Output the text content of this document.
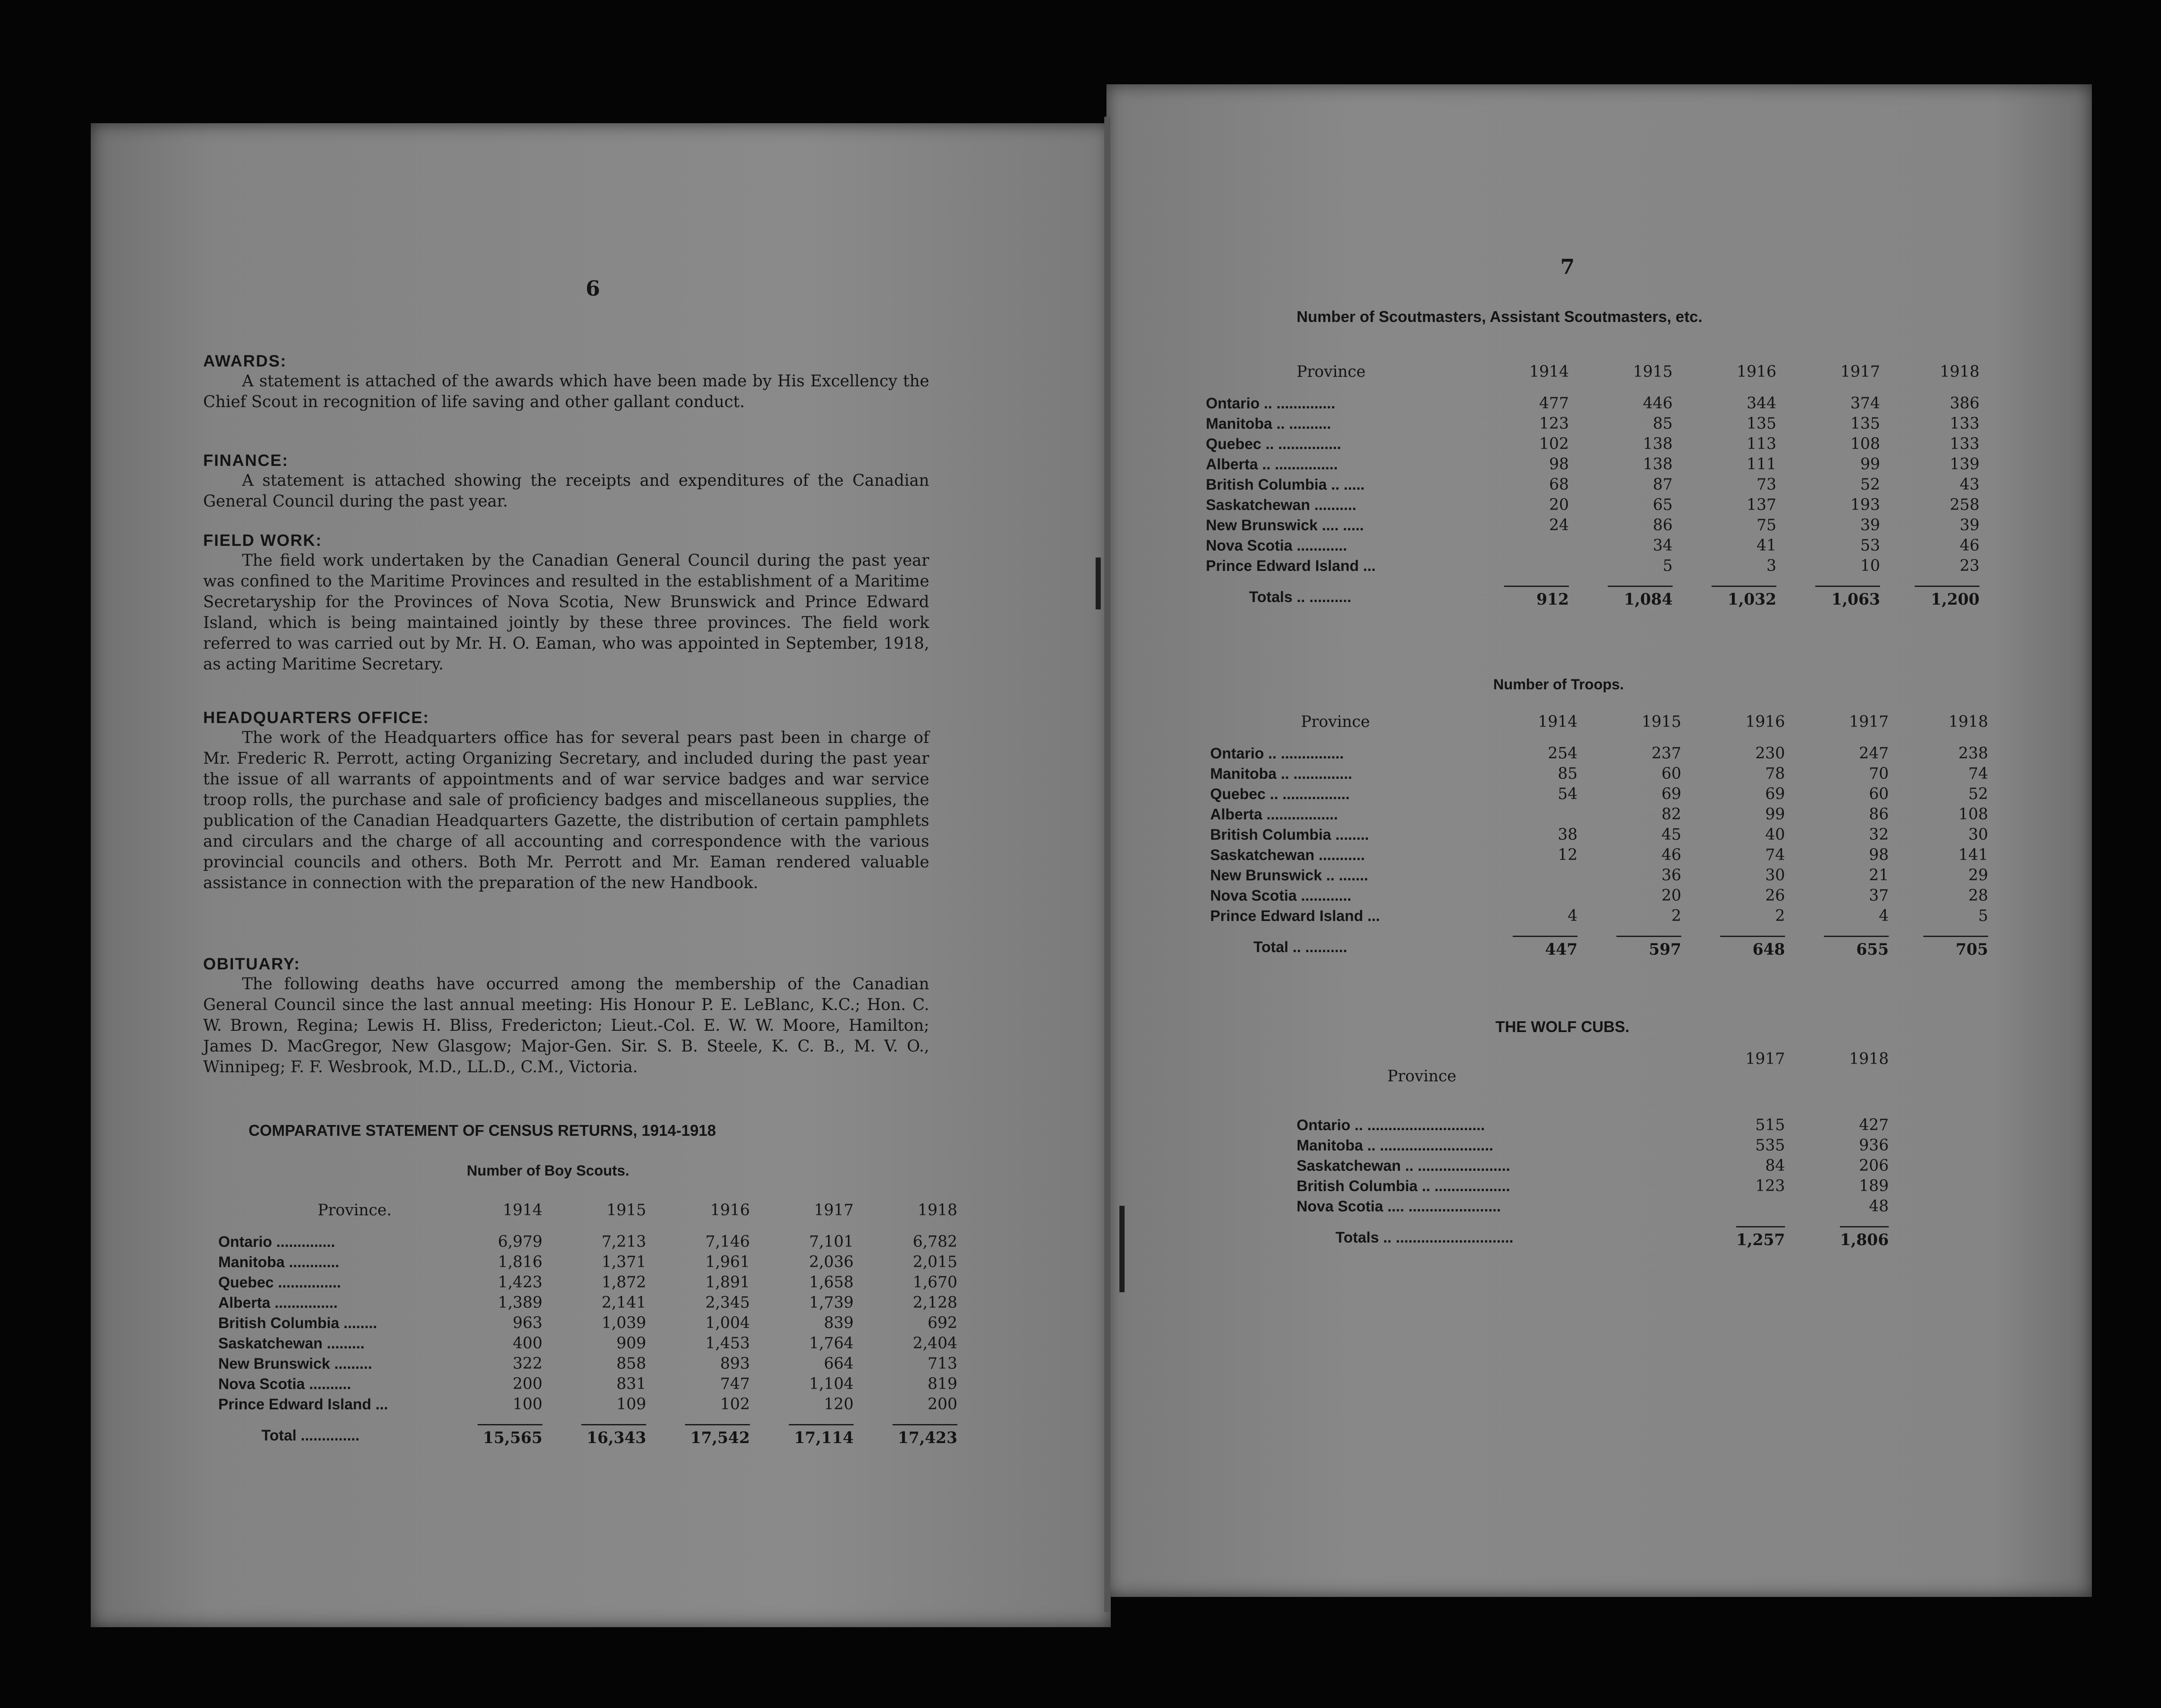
6
7

AWARDS:

A statement is attached of the awards which have been made by His Excellency the Chief Scout in recognition of life saving and other gallant conduct.

FINANCE:

A statement is attached showing the receipts and expenditures of the Canadian General Council during the past year.

FIELD WORK:

The field work undertaken by the Canadian General Council during the past year was confined to the Maritime Provinces and resulted in the establishment of a Maritime Secretaryship for the Provinces of Nova Scotia, New Brunswick and Prince Edward Island, which is being maintained jointly by these three provinces. The field work referred to was carried out by Mr. H. O. Eaman, who was appointed in September, 1918, as acting Maritime Secretary.

HEADQUARTERS OFFICE:

The work of the Headquarters office has for several pears past been in charge of Mr. Frederic R. Perrott, acting Organizing Secretary, and included during the past year the issue of all warrants of appointments and of war service badges and war service troop rolls, the purchase and sale of proficiency badges and miscellaneous supplies, the publication of the Canadian Headquarters Gazette, the distribution of certain pamphlets and circulars and the charge of all accounting and correspondence with the various provincial councils and others. Both Mr. Perrott and Mr. Eaman rendered valuable assistance in connection with the preparation of the new Handbook.

OBITUARY:

The following deaths have occurred among the membership of the Canadian General Council since the last annual meeting: His Honour P. E. LeBlanc, K.C.; Hon. C. W. Brown, Regina; Lewis H. Bliss, Fredericton; Lieut.-Col. E. W. W. Moore, Hamilton; James D. MacGregor, New Glasgow; Major-Gen. Sir. S. B. Steele, K. C. B., M. V. O., Winnipeg; F. F. Wesbrook, M.D., LL.D., C.M., Victoria.

COMPARATIVE STATEMENT OF CENSUS RETURNS, 1914-1918
Number of Boy Scouts.
Province.	1914	1915	1916	1917	1918
Ontario ..............	6,979	7,213	7,146	7,101	6,782
Manitoba ............	1,816	1,371	1,961	2,036	2,015
Quebec ...............	1,423	1,872	1,891	1,658	1,670
Alberta ...............	1,389	2,141	2,345	1,739	2,128
British Columbia ........	963	1,039	1,004	839	692
Saskatchewan .........	400	909	1,453	1,764	2,404
New Brunswick .........	322	858	893	664	713
Nova Scotia ..........	200	831	747	1,104	819
Prince Edward Island ...	100	109	102	120	200
Total ..............	15,565	16,343	17,542	17,114	17,423
Number of Scoutmasters, Assistant Scoutmasters, etc.
Province	1914	1915	1916	1917	1918
Ontario .. ..............	477	446	344	374	386
Manitoba .. ..........	123	85	135	135	133
Quebec .. ...............	102	138	113	108	133
Alberta .. ...............	98	138	111	99	139
British Columbia .. .....	68	87	73	52	43
Saskatchewan ..........	20	65	137	193	258
New Brunswick .... .....	24	86	75	39	39
Nova Scotia ............		34	41	53	46
Prince Edward Island ...		5	3	10	23
Totals .. ..........	912	1,084	1,032	1,063	1,200
Number of Troops.
Province	1914	1915	1916	1917	1918
Ontario .. ...............	254	237	230	247	238
Manitoba .. ..............	85	60	78	70	74
Quebec .. ................	54	69	69	60	52
Alberta .................		82	99	86	108
British Columbia ........	38	45	40	32	30
Saskatchewan ...........	12	46	74	98	141
New Brunswick .. .......		36	30	21	29
Nova Scotia ............		20	26	37	28
Prince Edward Island ...	4	2	2	4	5
Total .. ..........	447	597	648	655	705
THE WOLF CUBS.
Province	1917	1918
Ontario .. ............................	515	427
Manitoba .. ...........................	535	936
Saskatchewan .. ......................	84	206
British Columbia .. ..................	123	189
Nova Scotia .... ......................		48
Totals .. ............................	1,257	1,806
